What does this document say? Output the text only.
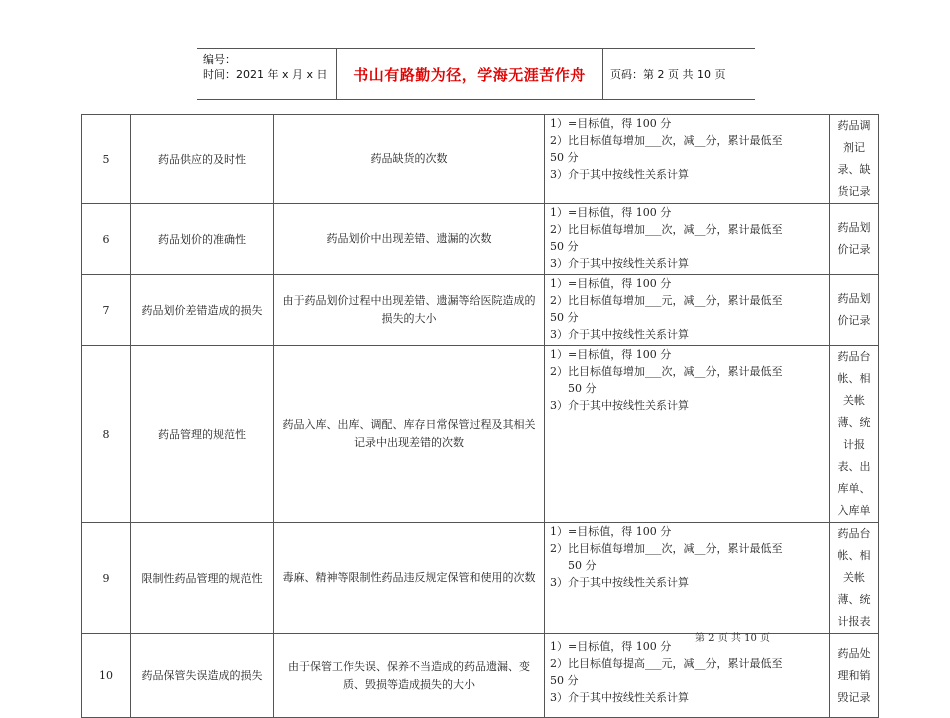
编号：
时间：2021 年 x 月 x 日	书山有路勤为径，学海无涯苦作舟	页码：第 2 页 共 10 页
5	药品供应的及时性	药品缺货的次数	1）=目标值，得 100 分
2）比目标值每增加___次，减__分，累计最低至
50 分
3）介于其中按线性关系计算	药品调剂记录、缺货记录
6	药品划价的准确性	药品划价中出现差错、遗漏的次数	1）=目标值，得 100 分
2）比目标值每增加___次，减__分，累计最低至
50 分
3）介于其中按线性关系计算	药品划价记录
7	药品划价差错造成的损失	由于药品划价过程中出现差错、遗漏等给医院造成的损失的大小	1）=目标值，得 100 分
2）比目标值每增加___元，减__分，累计最低至
50 分
3）介于其中按线性关系计算	药品划价记录
8	药品管理的规范性	药品入库、出库、调配、库存日常保管过程及其相关记录中出现差错的次数	1）=目标值，得 100 分
2）比目标值每增加___次，减__分，累计最低至
50 分
3）介于其中按线性关系计算	药品台帐、相关帐薄、统计报表、出库单、入库单
9	限制性药品管理的规范性	毒麻、精神等限制性药品违反规定保管和使用的次数	1）=目标值，得 100 分
2）比目标值每增加___次，减__分，累计最低至
50 分
3）介于其中按线性关系计算	药品台帐、相关帐薄、统计报表
10	药品保管失误造成的损失	由于保管工作失误、保养不当造成的药品遗漏、变质、毁损等造成损失的大小	1）=目标值，得 100 分
2）比目标值每提高___元，减__分，累计最低至
50 分
3）介于其中按线性关系计算	药品处理和销毁记录
第 2 页 共 10 页
